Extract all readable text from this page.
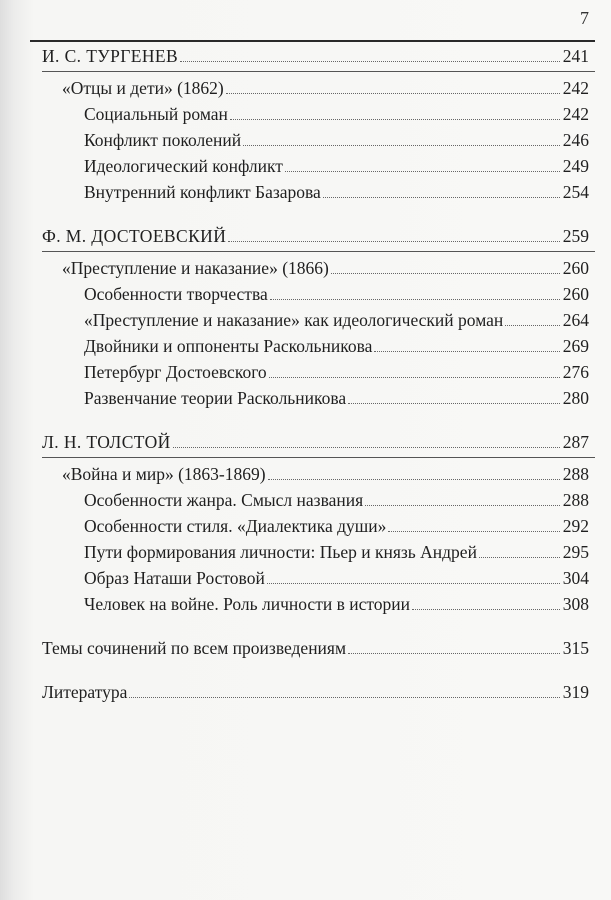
7
И. С. ТУРГЕНЕВ	241
«Отцы и дети» (1862)	242
Социальный роман	242
Конфликт поколений	246
Идеологический конфликт	249
Внутренний конфликт Базарова	254
Ф. М. ДОСТОЕВСКИЙ	259
«Преступление и наказание» (1866)	260
Особенности творчества	260
«Преступление и наказание» как идеологический роман	264
Двойники и оппоненты Раскольникова	269
Петербург Достоевского	276
Развенчание теории Раскольникова	280
Л. Н. ТОЛСТОЙ	287
«Война и мир» (1863-1869)	288
Особенности жанра. Смысл названия	288
Особенности стиля. «Диалектика души»	292
Пути формирования личности: Пьер и князь Андрей	295
Образ Наташи Ростовой	304
Человек на войне. Роль личности в истории	308
Темы сочинений по всем произведениям	315
Литература	319
